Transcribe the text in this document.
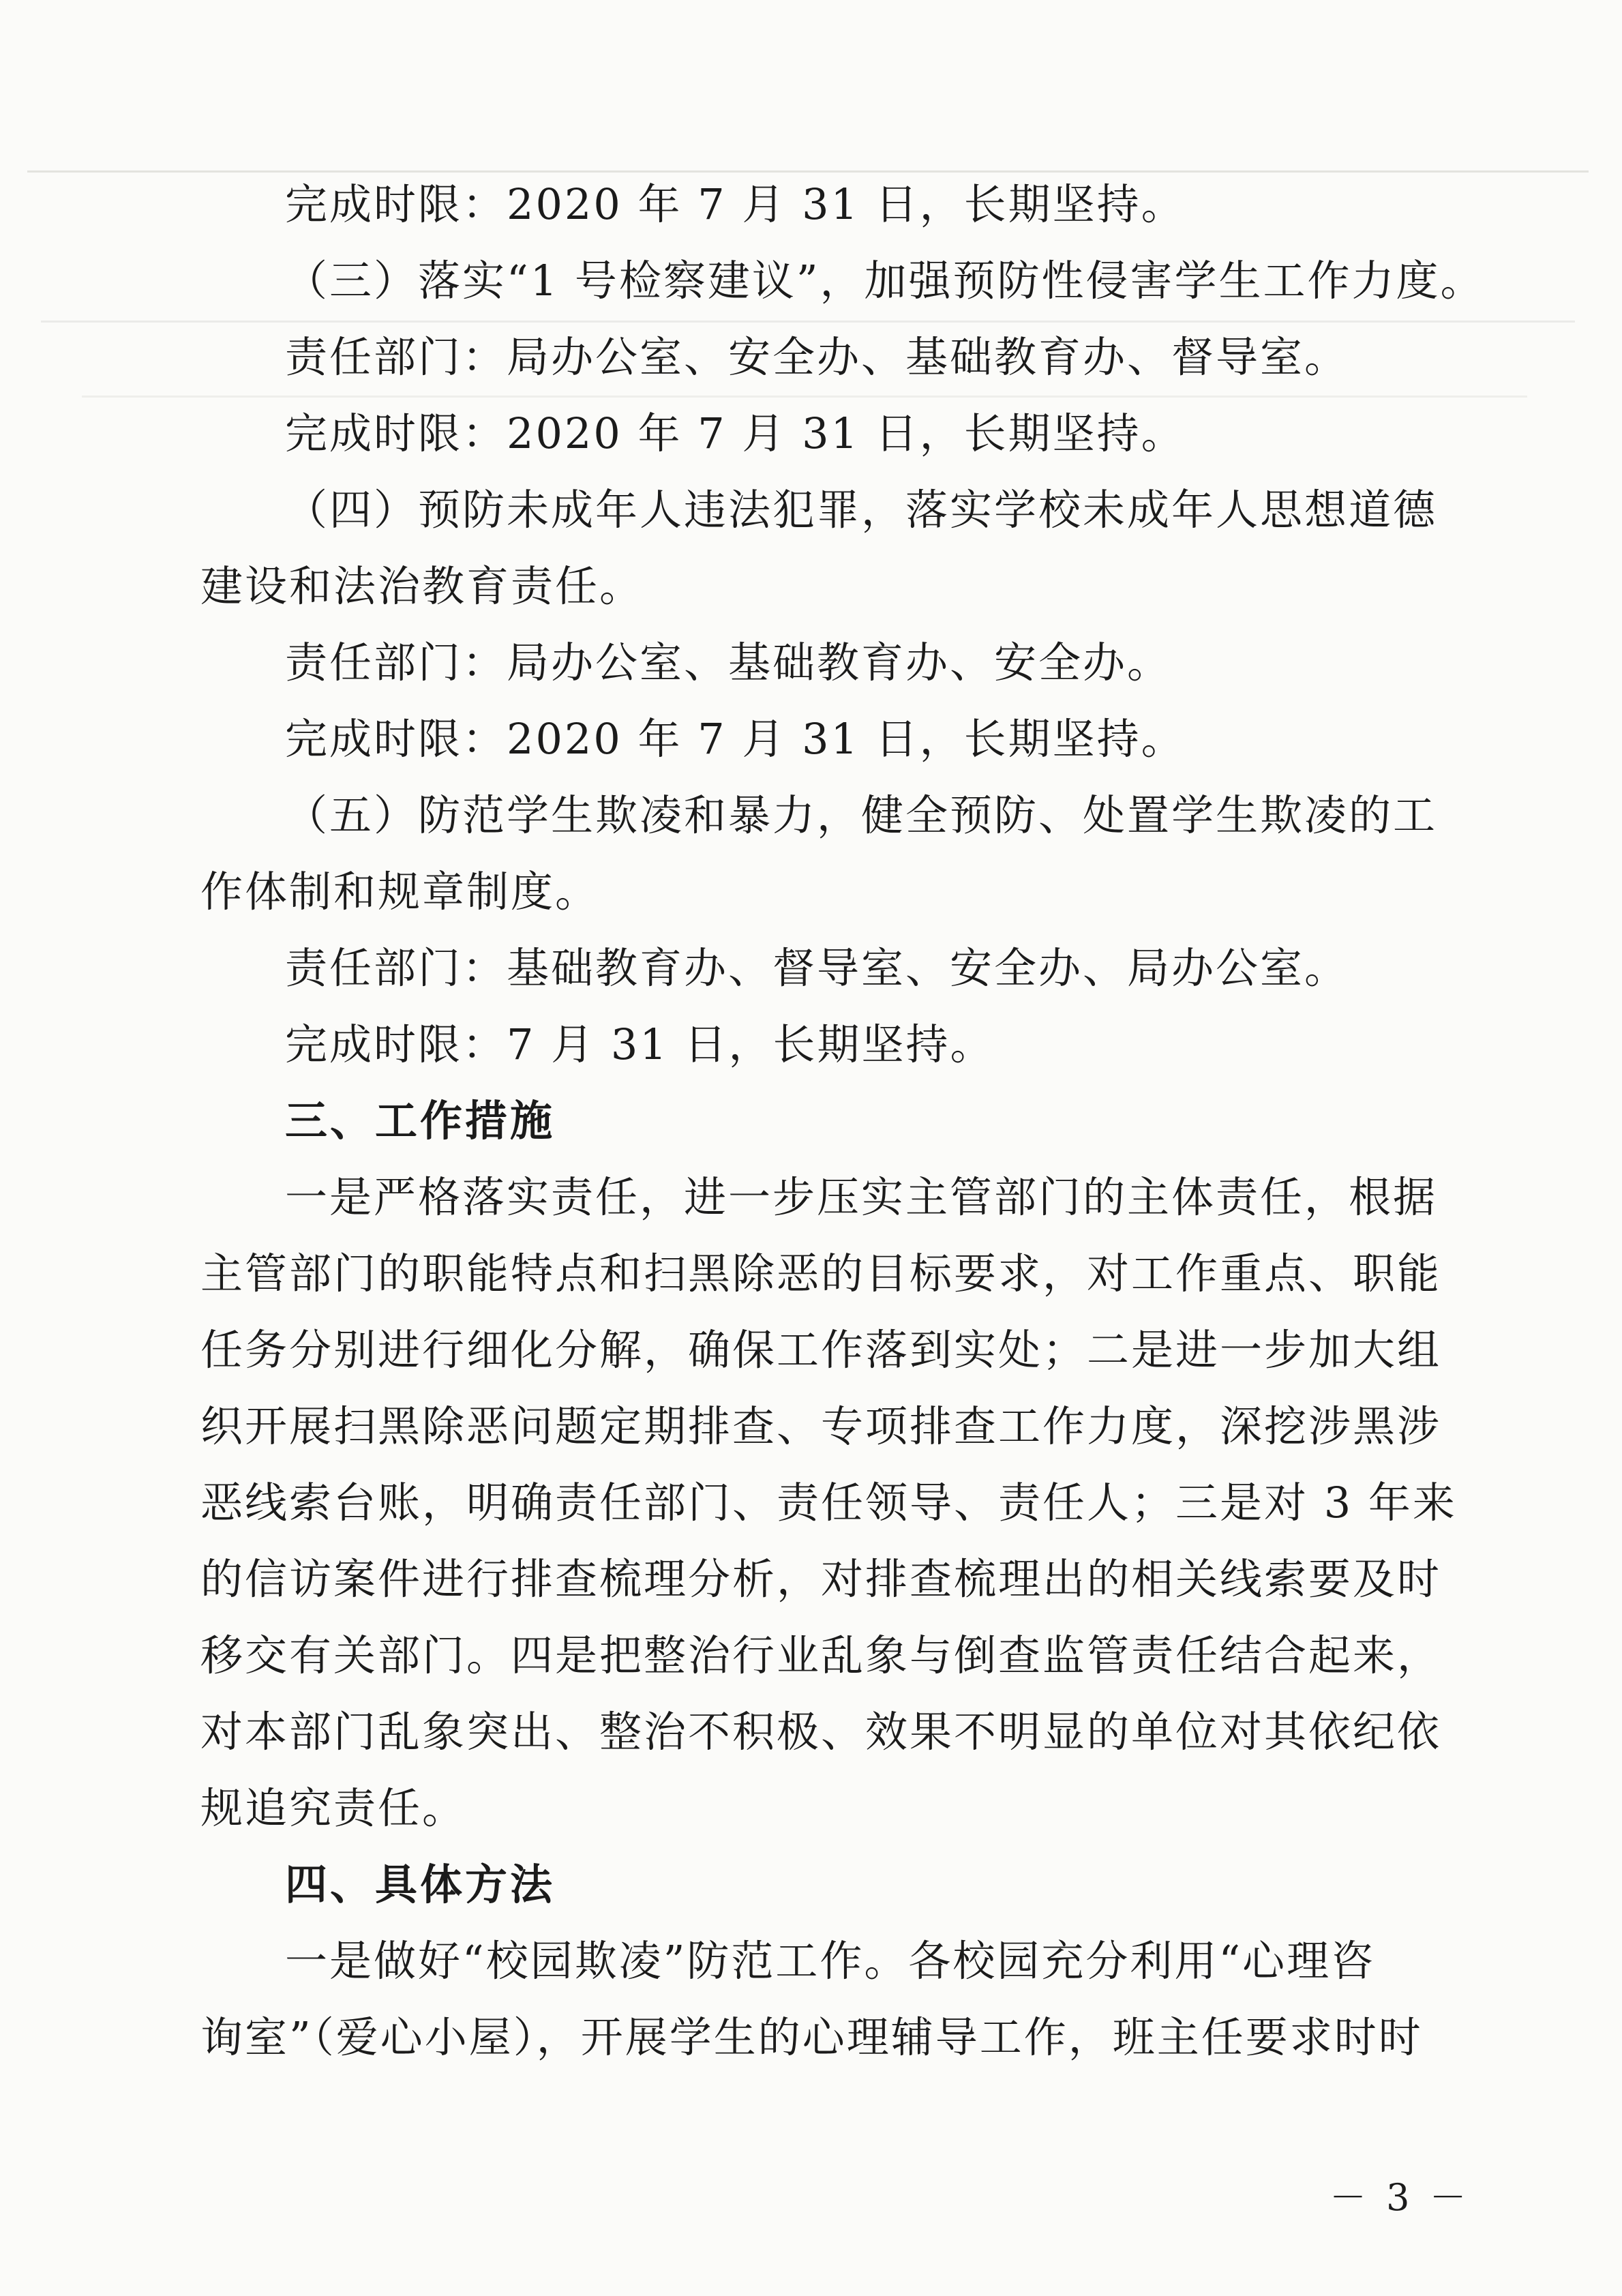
完成时限：2020 年 7 月 31 日，长期坚持。
（三）落实“1 号检察建议”，加强预防性侵害学生工作力度。
责任部门：局办公室、安全办、基础教育办、督导室。
完成时限：2020 年 7 月 31 日，长期坚持。
（四）预防未成年人违法犯罪，落实学校未成年人思想道德
建设和法治教育责任。
责任部门：局办公室、基础教育办、安全办。
完成时限：2020 年 7 月 31 日，长期坚持。
（五）防范学生欺凌和暴力，健全预防、处置学生欺凌的工
作体制和规章制度。
责任部门：基础教育办、督导室、安全办、局办公室。
完成时限：7 月 31 日，长期坚持。
三、工作措施
一是严格落实责任，进一步压实主管部门的主体责任，根据
主管部门的职能特点和扫黑除恶的目标要求，对工作重点、职能
任务分别进行细化分解，确保工作落到实处；二是进一步加大组
织开展扫黑除恶问题定期排查、专项排查工作力度，深挖涉黑涉
恶线索台账，明确责任部门、责任领导、责任人；三是对 3 年来
的信访案件进行排查梳理分析，对排查梳理出的相关线索要及时
移交有关部门。四是把整治行业乱象与倒查监管责任结合起来，
对本部门乱象突出、整治不积极、效果不明显的单位对其依纪依
规追究责任。
四、具体方法
一是做好“校园欺凌”防范工作。各校园充分利用“心理咨
询室”（爱心小屋），开展学生的心理辅导工作，班主任要求时时
－ 3 －
